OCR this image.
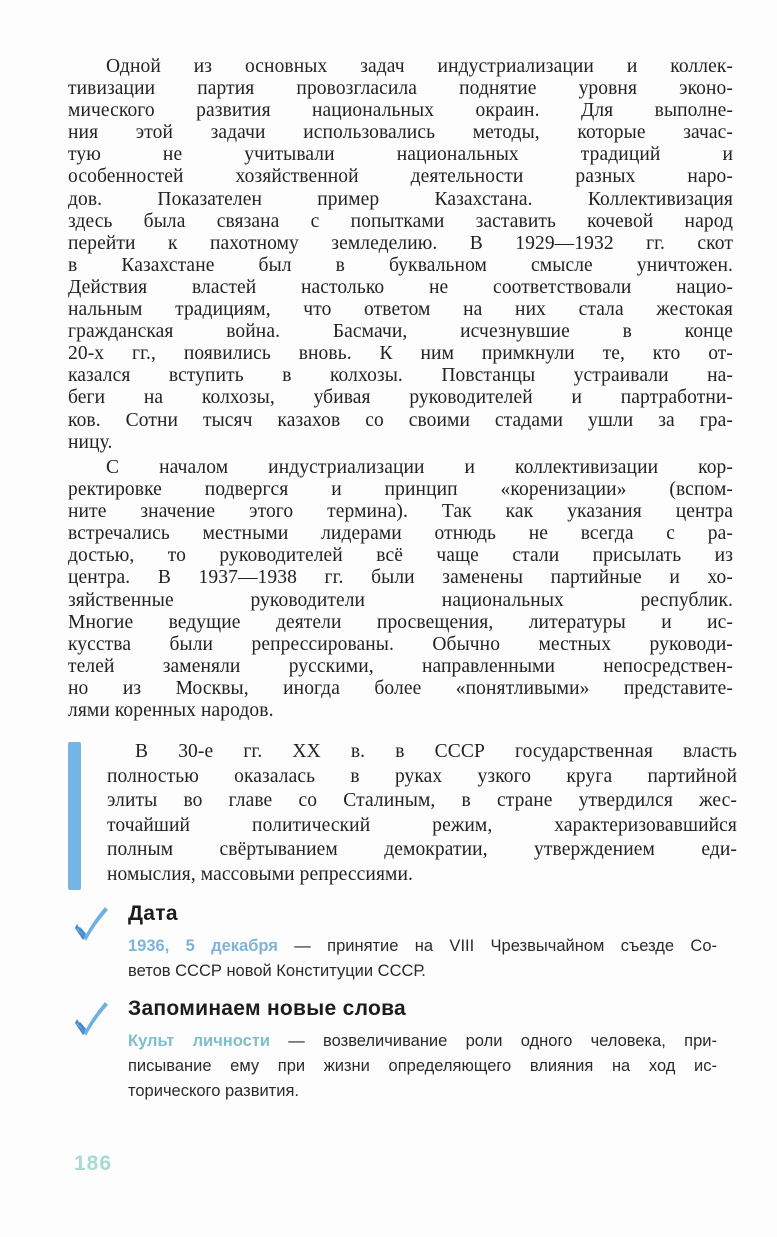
Одной из основных задач индустриализации и коллек-
тивизации партия провозгласила поднятие уровня эконо-
мического развития национальных окраин. Для выполне-
ния этой задачи использовались методы, которые зачас-
тую не учитывали национальных традиций и
особенностей хозяйственной деятельности разных наро-
дов. Показателен пример Казахстана. Коллективизация
здесь была связана с попытками заставить кочевой народ
перейти к пахотному земледелию. В 1929—1932 гг. скот
в Казахстане был в буквальном смысле уничтожен.
Действия властей настолько не соответствовали нацио-
нальным традициям, что ответом на них стала жестокая
гражданская война. Басмачи, исчезнувшие в конце
20-х гг., появились вновь. К ним примкнули те, кто от-
казался вступить в колхозы. Повстанцы устраивали на-
беги на колхозы, убивая руководителей и партработни-
ков. Сотни тысяч казахов со своими стадами ушли за гра-
ницу.
С началом индустриализации и коллективизации кор-
ректировке подвергся и принцип «коренизации» (вспом-
ните значение этого термина). Так как указания центра
встречались местными лидерами отнюдь не всегда с ра-
достью, то руководителей всё чаще стали присылать из
центра. В 1937—1938 гг. были заменены партийные и хо-
зяйственные руководители национальных республик.
Многие ведущие деятели просвещения, литературы и ис-
кусства были репрессированы. Обычно местных руководи-
телей заменяли русскими, направленными непосредствен-
но из Москвы, иногда более «понятливыми» представите-
лями коренных народов.
В 30-е гг. XX в. в СССР государственная власть
полностью оказалась в руках узкого круга партийной
элиты во главе со Сталиным, в стране утвердился жес-
точайший политический режим, характеризовавшийся
полным свёртыванием демократии, утверждением еди-
номыслия, массовыми репрессиями.
Дата
1936, 5 декабря — принятие на VIII Чрезвычайном съезде Со-
ветов СССР новой Конституции СССР.
Запоминаем новые слова
Культ личности — возвеличивание роли одного человека, при-
писывание ему при жизни определяющего влияния на ход ис-
торического развития.
186
